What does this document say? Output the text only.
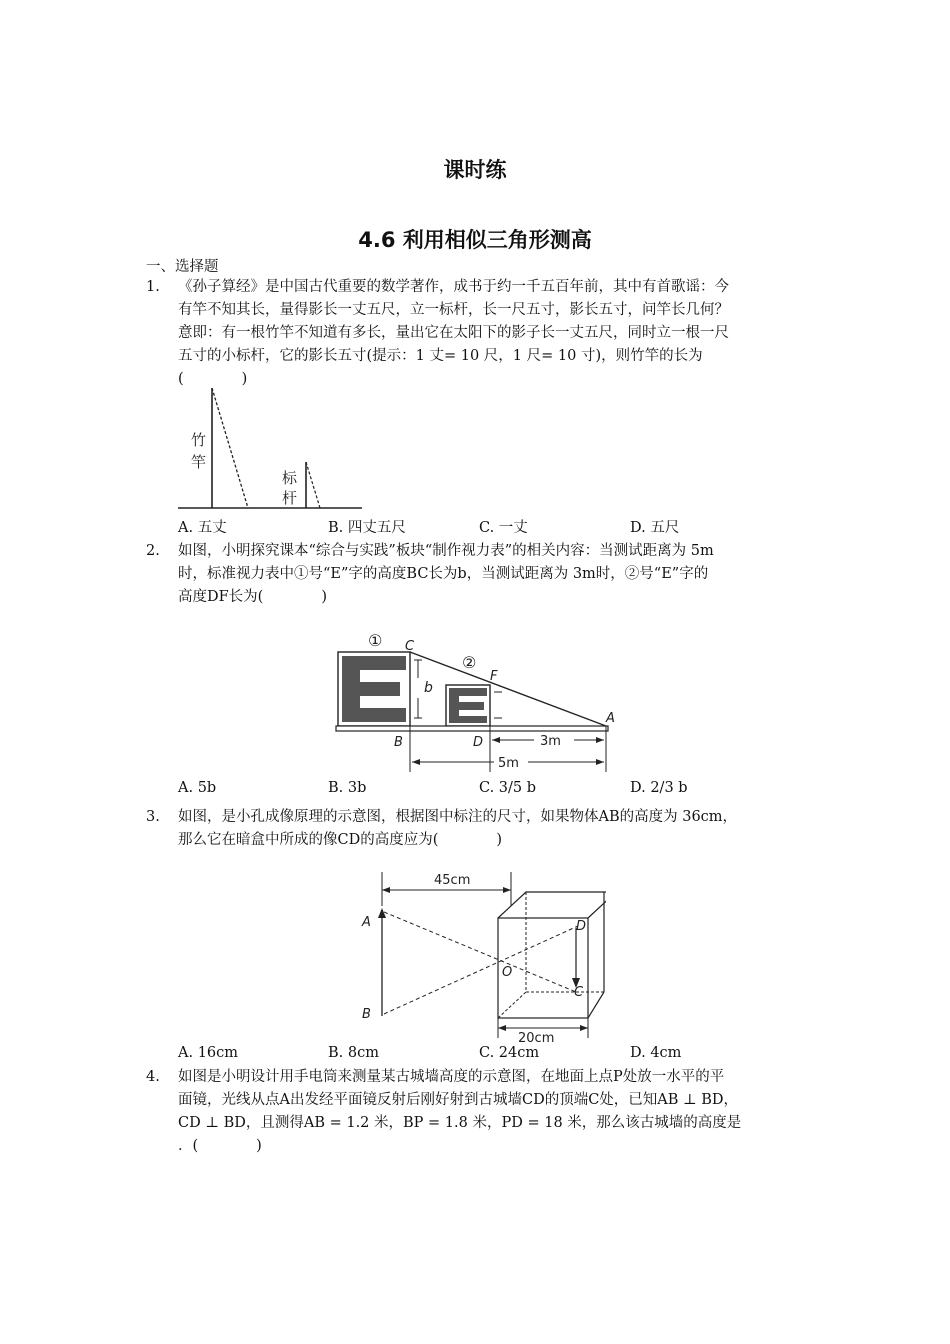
课时练
4.6 利用相似三角形测高
一、选择题
1. 《孙子算经》是中国古代重要的数学著作，成书于约一千五百年前，其中有首歌谣：今
有竿不知其长，量得影长一丈五尺，立一标杆，长一尺五寸，影长五寸，问竿长几何？
意即：有一根竹竿不知道有多长，量出它在太阳下的影子长一丈五尺，同时立一根一尺
五寸的小标杆，它的影长五寸(提示：1 丈= 10 尺，1 尺= 10 寸)，则竹竿的长为
(　　　　)
竹
竿
标
杆
A. 五丈	B. 四丈五尺	C. 一丈	D. 五尺
2. 如图，小明探究课本“综合与实践”板块“制作视力表”的相关内容：当测试距离为 5m
时，标准视力表中①号“E”字的高度BC长为b，当测试距离为 3m时，②号“E”字的
高度DF长为(　　　　)
b
3m
5m
①
②
C
F
A
B	D
A. 5b	B. 3b	C. 3/5 b	D. 2/3 b
3. 如图，是小孔成像原理的示意图，根据图中标注的尺寸，如果物体AB的高度为 36cm，
那么它在暗盒中所成的像CD的高度应为(　　　　)
45cm
A
B
D
C
O
20cm
A. 16cm	B. 8cm	C. 24cm	D. 4cm
4. 如图是小明设计用手电筒来测量某古城墙高度的示意图，在地面上点P处放一水平的平
面镜，光线从点A出发经平面镜反射后刚好射到古城墙CD的顶端C处，已知AB ⊥ BD，
CD ⊥ BD，且测得AB = 1.2 米，BP = 1.8 米，PD = 18 米，那么该古城墙的高度是
．(　　　　)
